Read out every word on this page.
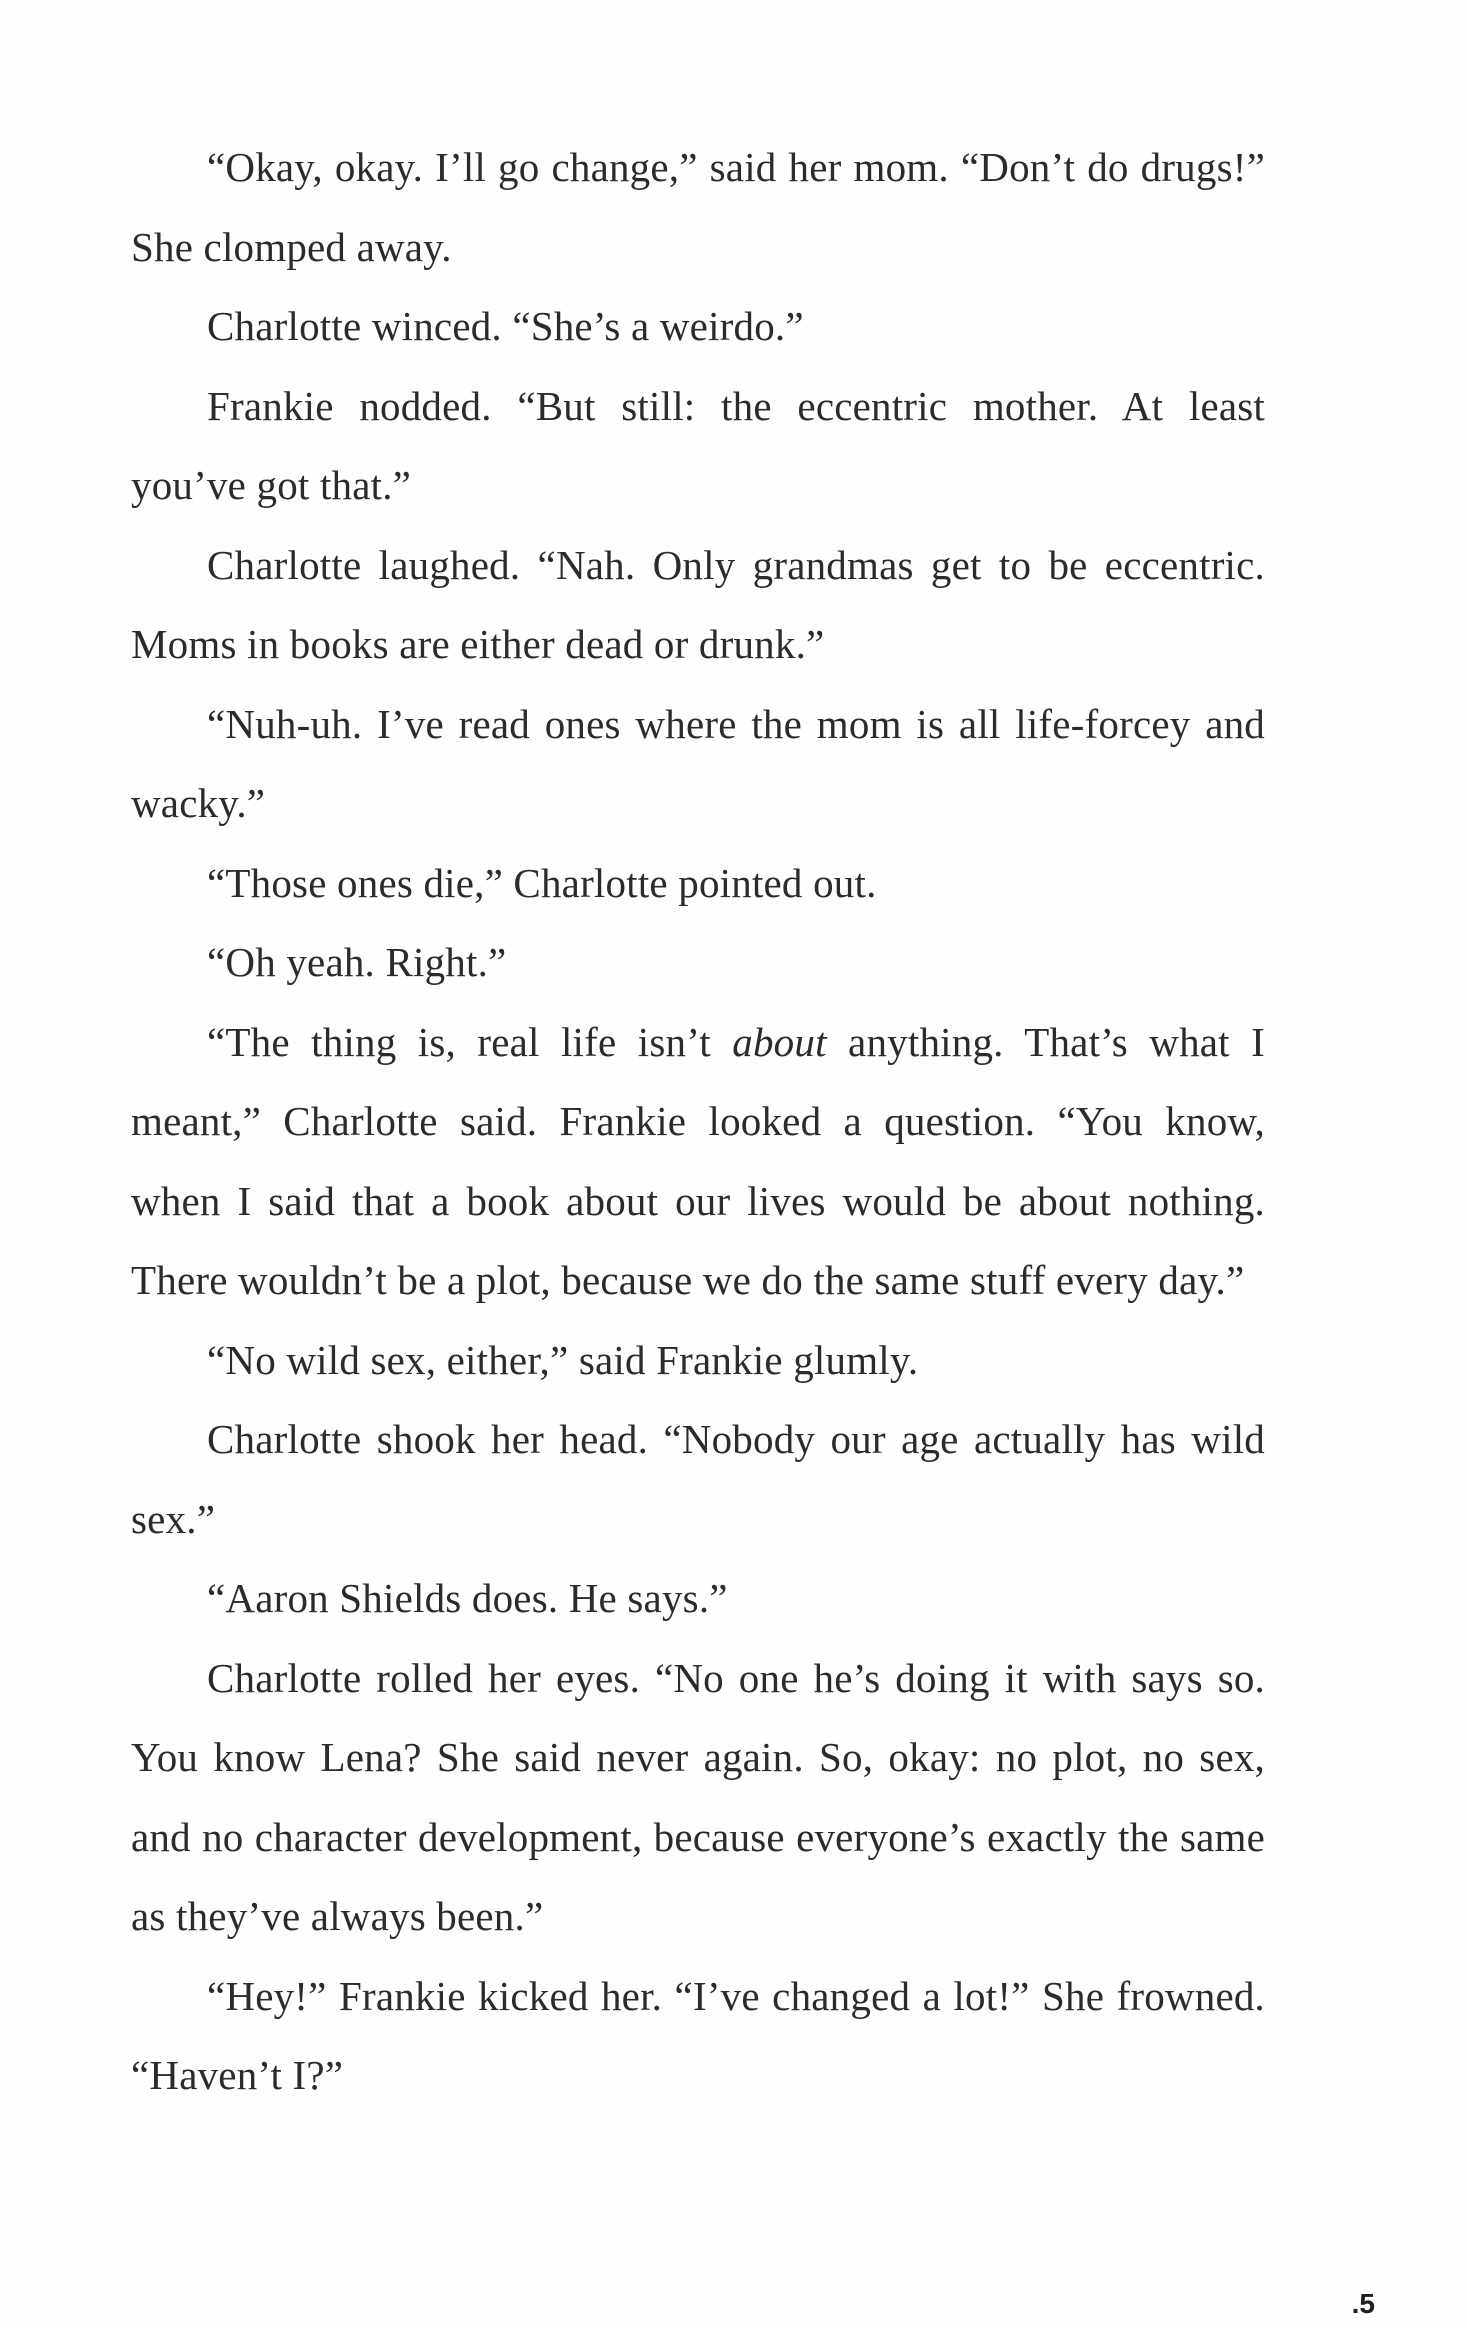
“Okay, okay. I’ll go change,” said her mom. “Don’t do drugs!” She clomped away.

Charlotte winced. “She’s a weirdo.”

Frankie nodded. “But still: the eccentric mother. At least you’ve got that.”

Charlotte laughed. “Nah. Only grandmas get to be eccentric. Moms in books are either dead or drunk.”

“Nuh-uh. I’ve read ones where the mom is all life-forcey and wacky.”

“Those ones die,” Charlotte pointed out.

“Oh yeah. Right.”

“The thing is, real life isn’t about anything. That’s what I meant,” Charlotte said. Frankie looked a question. “You know, when I said that a book about our lives would be about nothing. There wouldn’t be a plot, because we do the same stuff every day.”

“No wild sex, either,” said Frankie glumly.

Charlotte shook her head. “Nobody our age actually has wild sex.”

“Aaron Shields does. He says.”

Charlotte rolled her eyes. “No one he’s doing it with says so. You know Lena? She said never again. So, okay: no plot, no sex, and no character development, because everyone’s exactly the same as they’ve always been.”

“Hey!” Frankie kicked her. “I’ve changed a lot!” She frowned. “Haven’t I?”

.5
